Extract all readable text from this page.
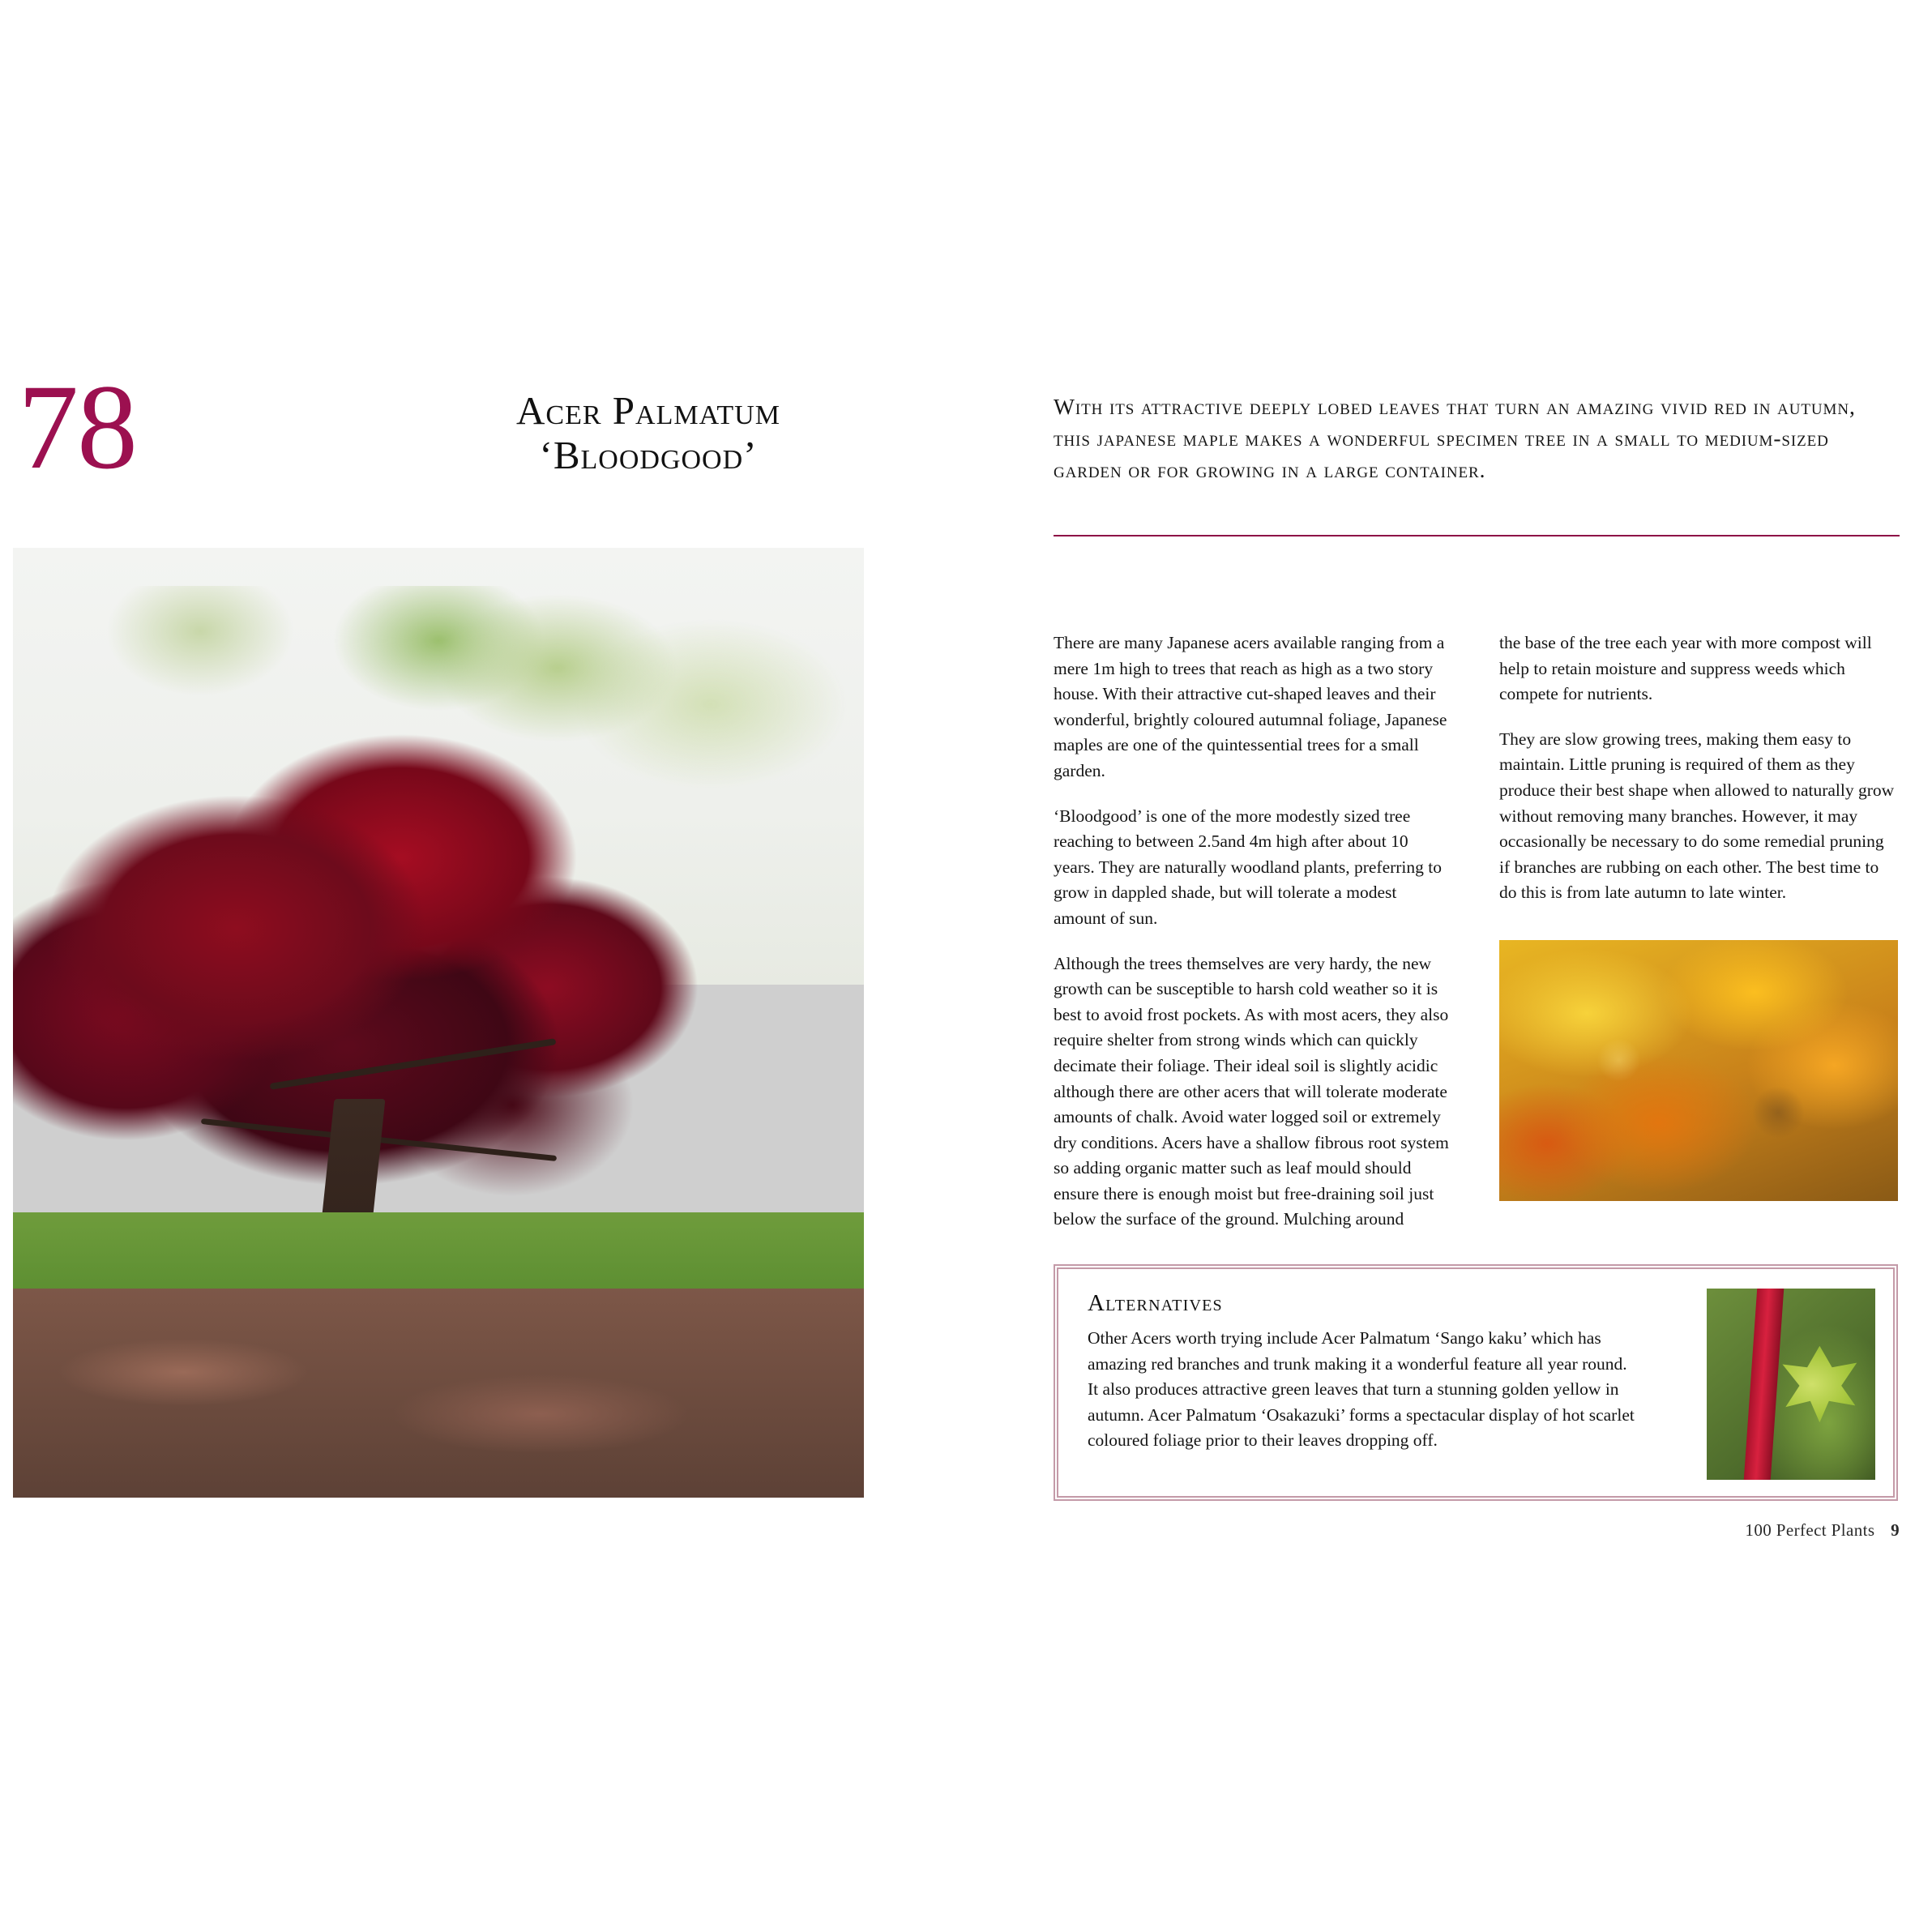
78	Acer Palmatum
‘Bloodgood’
With its attractive deeply lobed leaves that turn an amazing vivid red in autumn, this japanese maple makes a wonderful specimen tree in a small to medium-sized garden or for growing in a large container.

There are many Japanese acers available ranging from a mere 1m high to trees that reach as high as a two story house. With their attractive cut-shaped leaves and their wonderful, brightly coloured autumnal foliage, Japanese maples are one of the quintessential trees for a small garden.

‘Bloodgood’ is one of the more modestly sized tree reaching to between 2.5and 4m high after about 10 years. They are naturally woodland plants, preferring to grow in dappled shade, but will tolerate a modest amount of sun.

Although the trees themselves are very hardy, the new growth can be susceptible to harsh cold weather so it is best to avoid frost pockets. As with most acers, they also require shelter from strong winds which can quickly decimate their foliage. Their ideal soil is slightly acidic although there are other acers that will tolerate moderate amounts of chalk. Avoid water logged soil or extremely dry conditions. Acers have a shallow fibrous root system so adding organic matter such as leaf mould should ensure there is enough moist but free-draining soil just below the surface of the ground. Mulching around

the base of the tree each year with more compost will help to retain moisture and suppress weeds which compete for nutrients.

They are slow growing trees, making them easy to maintain. Little pruning is required of them as they produce their best shape when allowed to naturally grow without removing many branches. However, it may occasionally be necessary to do some remedial pruning if branches are rubbing on each other. The best time to do this is from late autumn to late winter.

Alternatives
Other Acers worth trying include Acer Palmatum ‘Sango kaku’ which has amazing red branches and trunk making it a wonderful feature all year round. It also produces attractive green leaves that turn a stunning golden yellow in autumn. Acer Palmatum ‘Osakazuki’ forms a spectacular display of hot scarlet coloured foliage prior to their leaves dropping off.
100 Perfect Plants 9
